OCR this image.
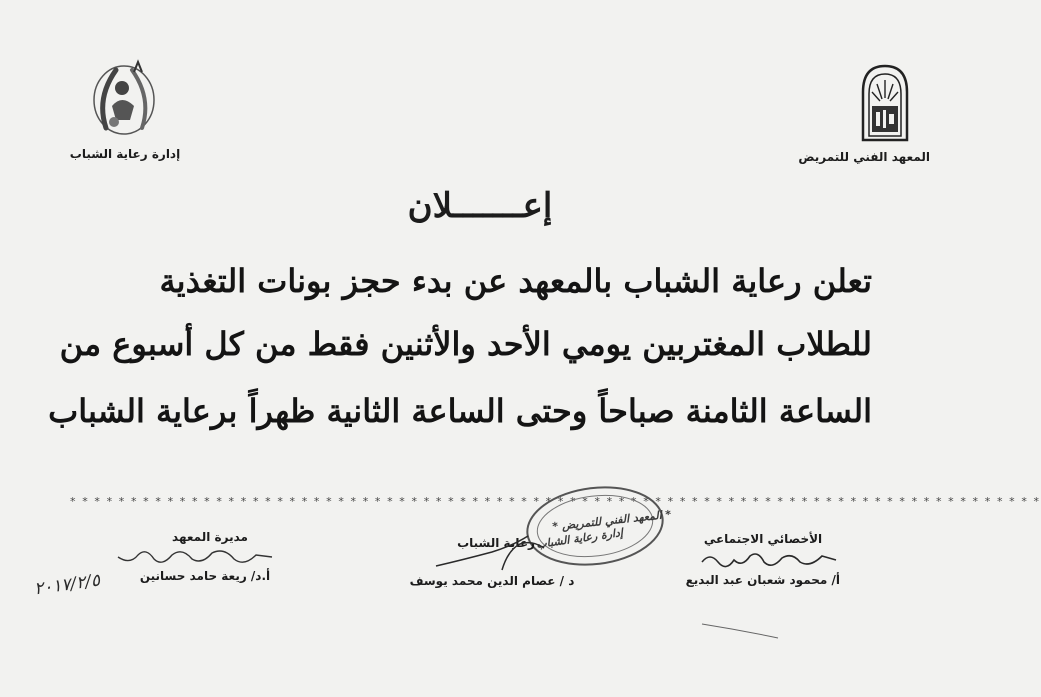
المعهد الفني للتمريض
إدارة رعاية الشباب
إعـــــــلان
تعلن رعاية الشباب بالمعهد عن بدء حجز بونات التغذية
للطلاب المغتربين يومي الأحد والأثنين فقط من كل أسبوع من
الساعة الثامنة صباحاً وحتى الساعة الثانية ظهراً برعاية الشباب
* * * * * * * * * * * * * * * * * * * * * * * * * * * * * * * * * * * * * * * * * * * * * * * * * * * * * * * * * * * * * * * * * * * * * * * * * * * * * * * *
* المعهد الفني للتمريض *
إدارة رعاية الشباب	الأخصائي الاجتماعي
أ/ محمود شعبان عبد البديع
رعاية الشباب
د / عصام الدين محمد يوسف
مديرة المعهد
أ.د/ ريعة حامد حسانين
٢٠١٧/٢/٥
